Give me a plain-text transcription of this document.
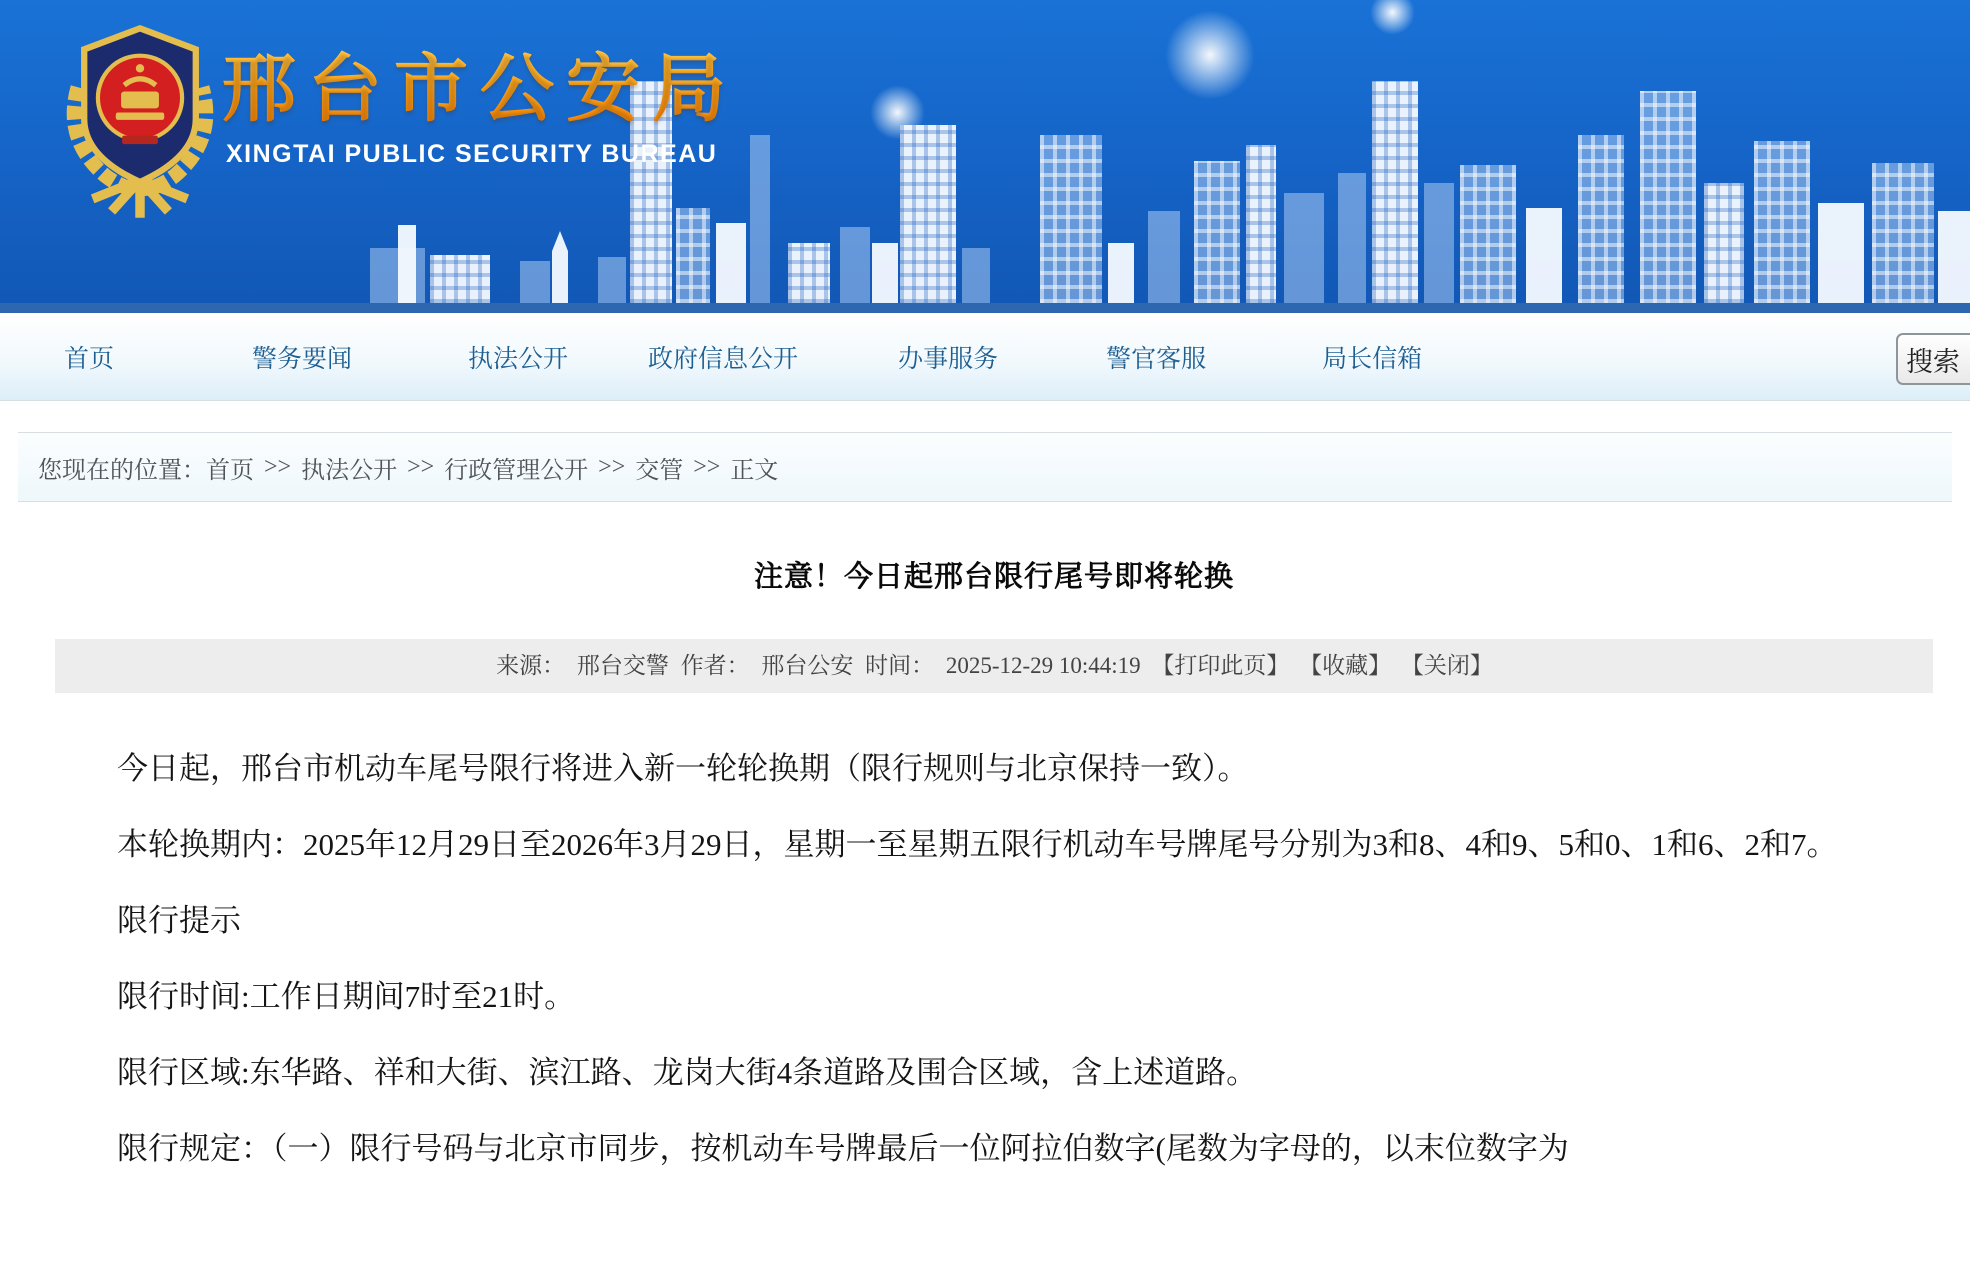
邢台市公安局
XINGTAI PUBLIC SECURITY BUREAU
首页	警务要闻	执法公开	政府信息公开	办事服务	警官客服	局长信箱	搜索
您现在的位置： 首页 >> 执法公开 >> 行政管理公开 >> 交管 >> 正文
注意！今日起邢台限行尾号即将轮换
来源： 邢台交警 作者： 邢台公安 时间： 2025-12-29 10:44:19 【打印此页】 【收藏】 【关闭】

今日起，邢台市机动车尾号限行将进入新一轮轮换期（限行规则与北京保持一致）。

本轮换期内：2025年12月29日至2026年3月29日，星期一至星期五限行机动车号牌尾号分别为3和8、4和9、5和0、1和6、2和7。

限行提示

限行时间:工作日期间7时至21时。

限行区域:东华路、祥和大街、滨江路、龙岗大街4条道路及围合区域，含上述道路。

限行规定：（一）限行号码与北京市同步，按机动车号牌最后一位阿拉伯数字(尾数为字母的，以末位数字为
